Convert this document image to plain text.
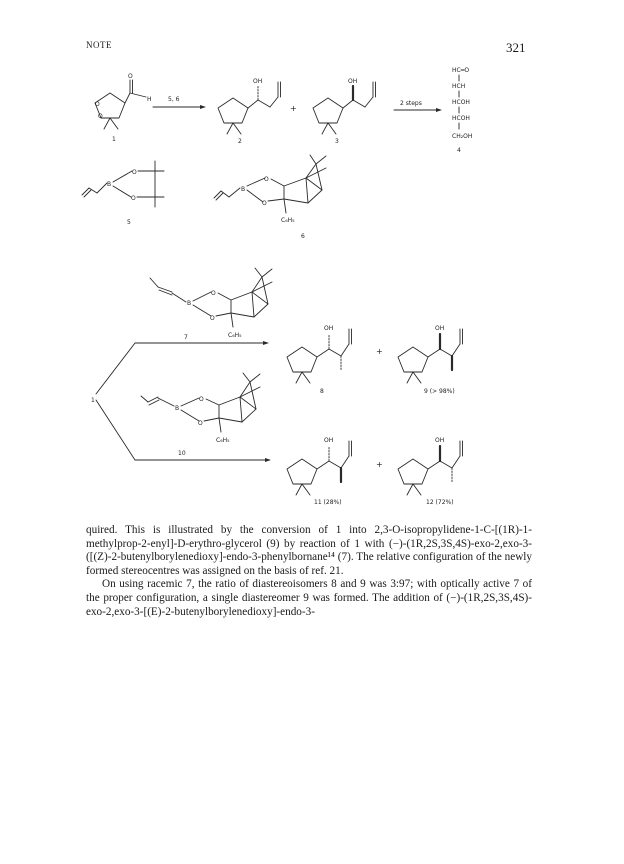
NOTE	321
O
O
O
H
1
5, 6
OH
2
+
OH
3
2 steps
HC═O
HCH
HCOH
HCOH
CH₂OH
4
B
O
O
5
B
O
O
C₆H₅
6
B
O
O
C₆H₅
7
1
OH
8
+
OH
9 (> 98%)
B
O
O
C₆H₅
10
OH
11 (28%)
+
OH
12 (72%)

quired. This is illustrated by the conversion of 1 into 2,3-O-isopropylidene-1-C-[(1R)-1-methylprop-2-enyl]-D-erythro-glycerol (9) by reaction of 1 with (−)-(1R,2S,3S,4S)-exo-2,exo-3-([(Z)-2-butenylborylenedioxy]-endo-3-phenylbornane¹⁴ (7). The relative configuration of the newly formed stereocentres was assigned on the basis of ref. 21.

On using racemic 7, the ratio of diastereoisomers 8 and 9 was 3:97; with optically active 7 of the proper configuration, a single diastereomer 9 was formed. The addition of (−)-(1R,2S,3S,4S)-exo-2,exo-3-[(E)-2-butenylborylenedioxy]-endo-3-
